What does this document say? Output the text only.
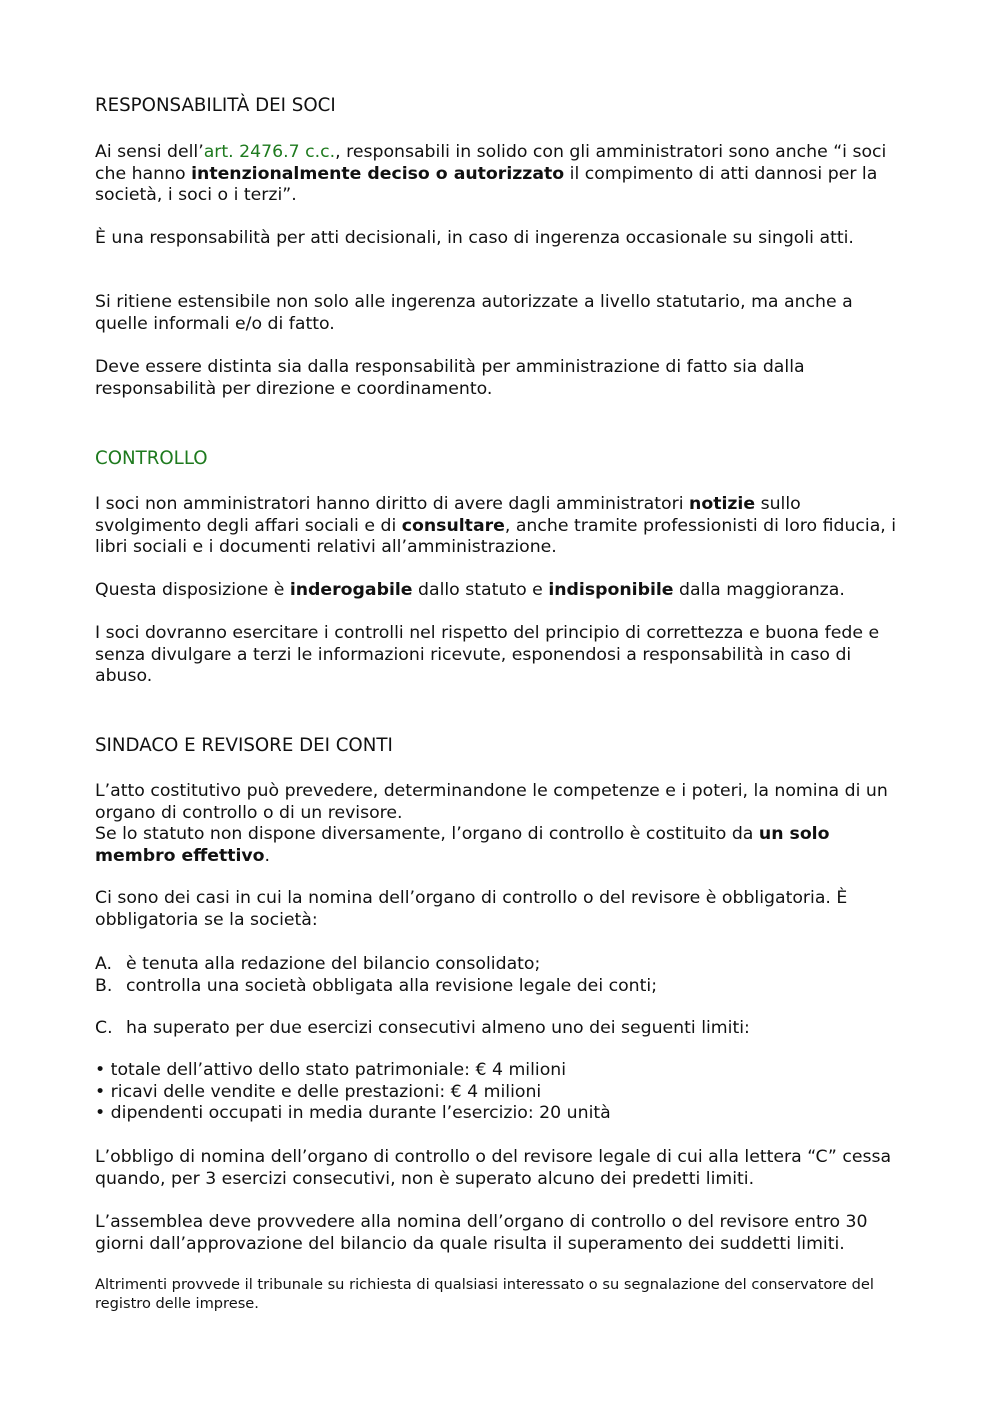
RESPONSABILITÀ DEI SOCI

Ai sensi dell’art. 2476.7 c.c., responsabili in solido con gli amministratori sono anche “i soci che hanno intenzionalmente deciso o autorizzato il compimento di atti dannosi per la società, i soci o i terzi”.

È una responsabilità per atti decisionali, in caso di ingerenza occasionale su singoli atti.

Si ritiene estensibile non solo alle ingerenza autorizzate a livello statutario, ma anche a quelle informali e/o di fatto.

Deve essere distinta sia dalla responsabilità per amministrazione di fatto sia dalla responsabilità per direzione e coordinamento.

CONTROLLO

I soci non amministratori hanno diritto di avere dagli amministratori notizie sullo svolgimento degli affari sociali e di consultare, anche tramite professionisti di loro fiducia, i libri sociali e i documenti relativi all’amministrazione.

Questa disposizione è inderogabile dallo statuto e indisponibile dalla maggioranza.

I soci dovranno esercitare i controlli nel rispetto del principio di correttezza e buona fede e senza divulgare a terzi le informazioni ricevute, esponendosi a responsabilità in caso di abuso.

SINDACO E REVISORE DEI CONTI

L’atto costitutivo può prevedere, determinandone le competenze e i poteri, la nomina di un organo di controllo o di un revisore.

Se lo statuto non dispone diversamente, l’organo di controllo è costituito da un solo membro effettivo.

Ci sono dei casi in cui la nomina dell’organo di controllo o del revisore è obbligatoria. È obbligatoria se la società:

A. è tenuta alla redazione del bilancio consolidato;
B. controlla una società obbligata alla revisione legale dei conti;
C. ha superato per due esercizi consecutivi almeno uno dei seguenti limiti:
• totale dell’attivo dello stato patrimoniale: € 4 milioni
• ricavi delle vendite e delle prestazioni: € 4 milioni
• dipendenti occupati in media durante l’esercizio: 20 unità

L’obbligo di nomina dell’organo di controllo o del revisore legale di cui alla lettera “C” cessa quando, per 3 esercizi consecutivi, non è superato alcuno dei predetti limiti.

L’assemblea deve provvedere alla nomina dell’organo di controllo o del revisore entro 30 giorni dall’approvazione del bilancio da quale risulta il superamento dei suddetti limiti.

Altrimenti provvede il tribunale su richiesta di qualsiasi interessato o su segnalazione del conservatore del registro delle imprese.
